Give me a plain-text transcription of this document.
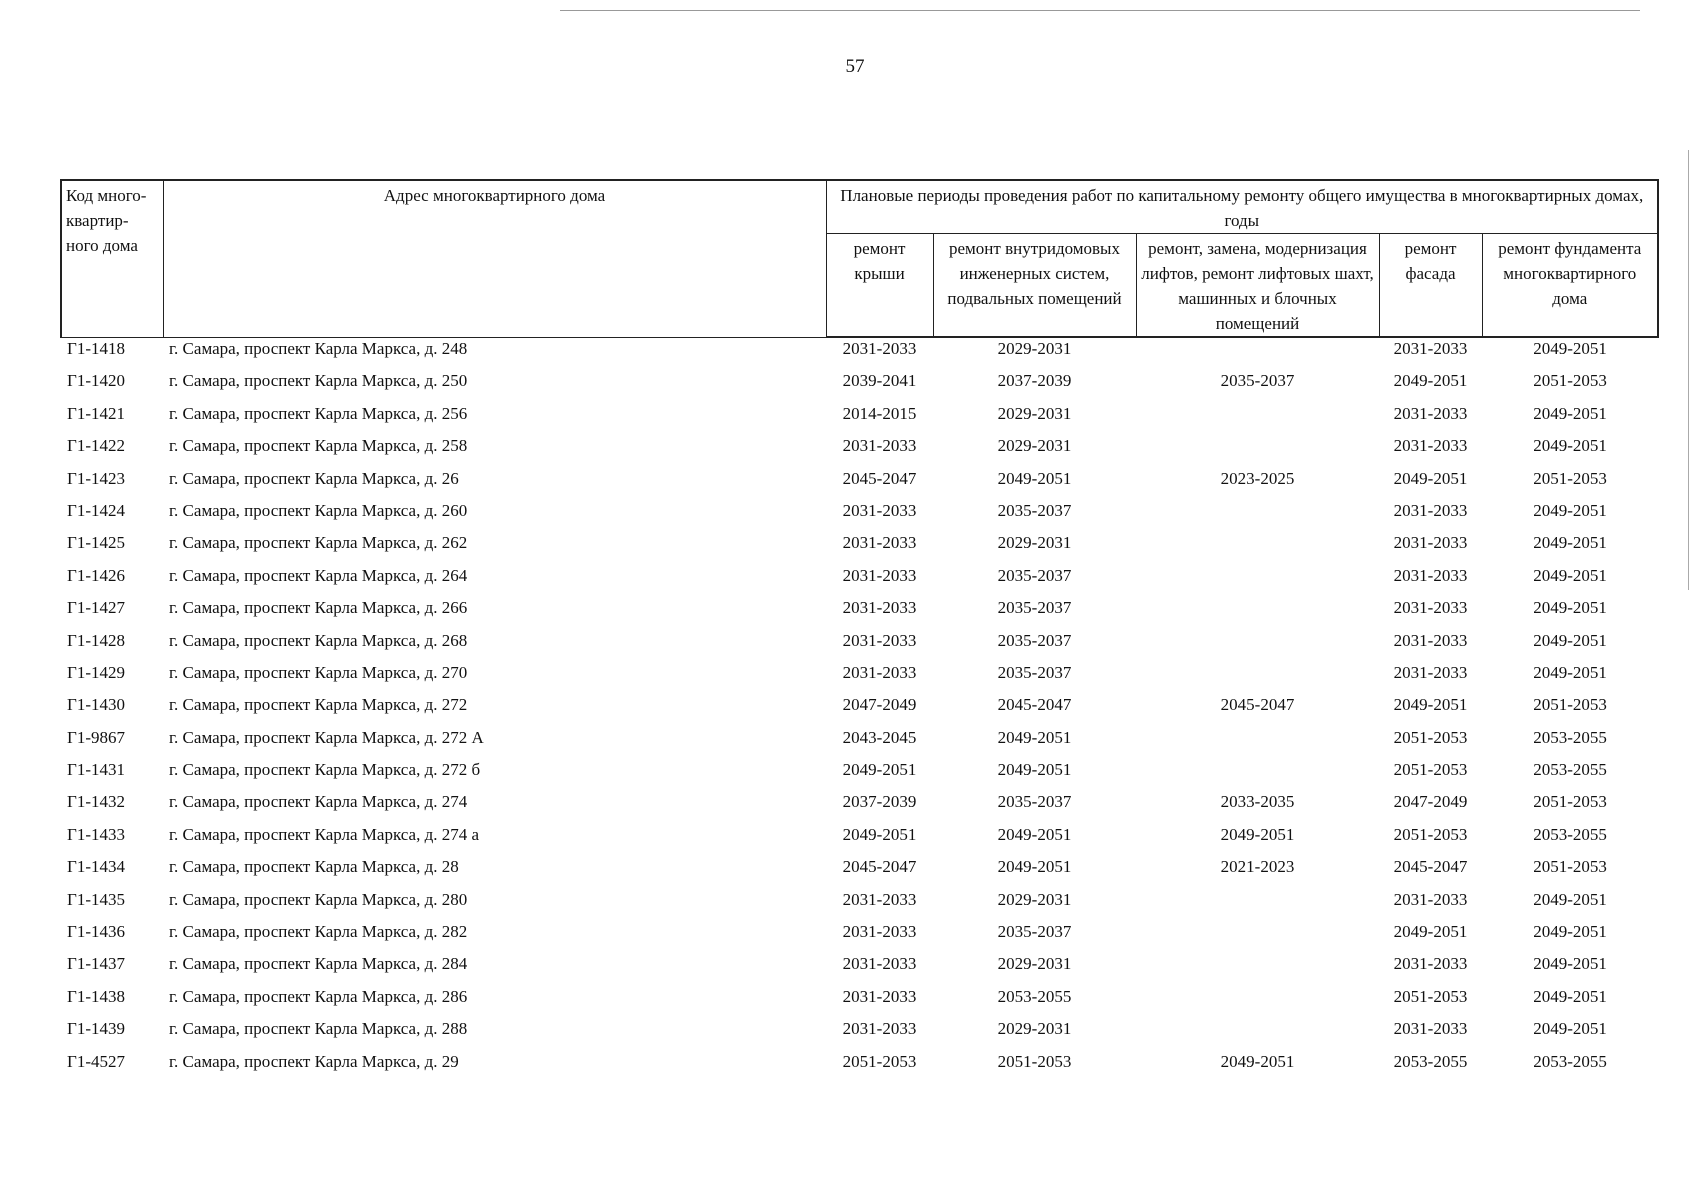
57
Код много-квартир-ного дома	Адрес многоквартирного дома	Плановые периоды проведения работ по капитальному ремонту общего имущества в многоквартирных домах, годы				
		ремонт крыши	ремонт внутридомовых инженерных систем, подвальных помещений	ремонт, замена, модернизация лифтов, ремонт лифтовых шахт, машинных и блочных помещений	ремонт фасада	ремонт фундамента многоквартирного дома
Г1-1418	г. Самара, проспект Карла Маркса, д. 248	2031-2033	2029-2031		2031-2033	2049-2051
Г1-1420	г. Самара, проспект Карла Маркса, д. 250	2039-2041	2037-2039	2035-2037	2049-2051	2051-2053
Г1-1421	г. Самара, проспект Карла Маркса, д. 256	2014-2015	2029-2031		2031-2033	2049-2051
Г1-1422	г. Самара, проспект Карла Маркса, д. 258	2031-2033	2029-2031		2031-2033	2049-2051
Г1-1423	г. Самара, проспект Карла Маркса, д. 26	2045-2047	2049-2051	2023-2025	2049-2051	2051-2053
Г1-1424	г. Самара, проспект Карла Маркса, д. 260	2031-2033	2035-2037		2031-2033	2049-2051
Г1-1425	г. Самара, проспект Карла Маркса, д. 262	2031-2033	2029-2031		2031-2033	2049-2051
Г1-1426	г. Самара, проспект Карла Маркса, д. 264	2031-2033	2035-2037		2031-2033	2049-2051
Г1-1427	г. Самара, проспект Карла Маркса, д. 266	2031-2033	2035-2037		2031-2033	2049-2051
Г1-1428	г. Самара, проспект Карла Маркса, д. 268	2031-2033	2035-2037		2031-2033	2049-2051
Г1-1429	г. Самара, проспект Карла Маркса, д. 270	2031-2033	2035-2037		2031-2033	2049-2051
Г1-1430	г. Самара, проспект Карла Маркса, д. 272	2047-2049	2045-2047	2045-2047	2049-2051	2051-2053
Г1-9867	г. Самара, проспект Карла Маркса, д. 272 А	2043-2045	2049-2051		2051-2053	2053-2055
Г1-1431	г. Самара, проспект Карла Маркса, д. 272 б	2049-2051	2049-2051		2051-2053	2053-2055
Г1-1432	г. Самара, проспект Карла Маркса, д. 274	2037-2039	2035-2037	2033-2035	2047-2049	2051-2053
Г1-1433	г. Самара, проспект Карла Маркса, д. 274 а	2049-2051	2049-2051	2049-2051	2051-2053	2053-2055
Г1-1434	г. Самара, проспект Карла Маркса, д. 28	2045-2047	2049-2051	2021-2023	2045-2047	2051-2053
Г1-1435	г. Самара, проспект Карла Маркса, д. 280	2031-2033	2029-2031		2031-2033	2049-2051
Г1-1436	г. Самара, проспект Карла Маркса, д. 282	2031-2033	2035-2037		2049-2051	2049-2051
Г1-1437	г. Самара, проспект Карла Маркса, д. 284	2031-2033	2029-2031		2031-2033	2049-2051
Г1-1438	г. Самара, проспект Карла Маркса, д. 286	2031-2033	2053-2055		2051-2053	2049-2051
Г1-1439	г. Самара, проспект Карла Маркса, д. 288	2031-2033	2029-2031		2031-2033	2049-2051
Г1-4527	г. Самара, проспект Карла Маркса, д. 29	2051-2053	2051-2053	2049-2051	2053-2055	2053-2055
